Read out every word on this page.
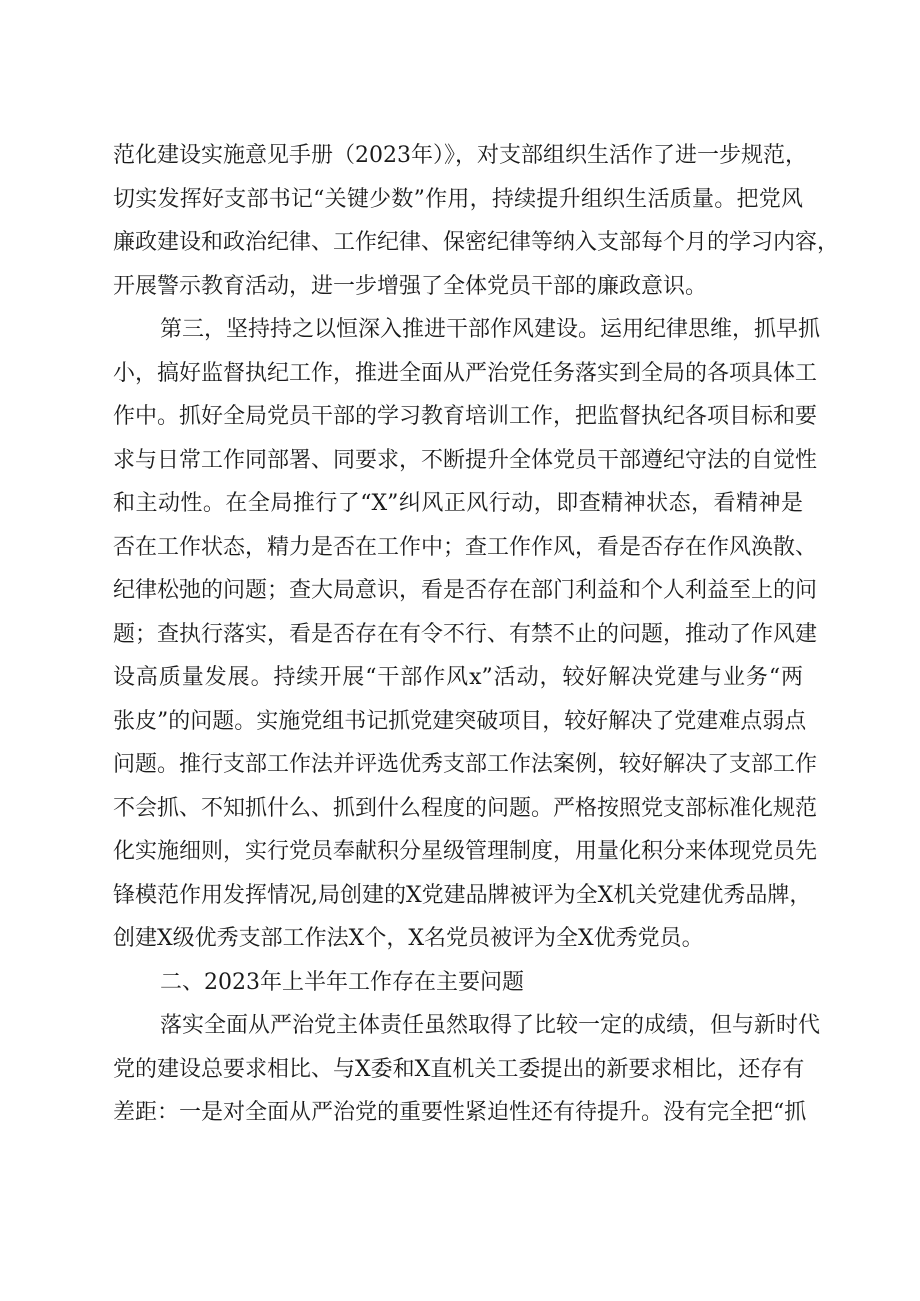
范化建设实施意见手册（2023年）》，对支部组织生活作了进一步规范，
切实发挥好支部书记“关键少数”作用，持续提升组织生活质量。把党风
廉政建设和政治纪律、工作纪律、保密纪律等纳入支部每个月的学习内容，
开展警示教育活动，进一步增强了全体党员干部的廉政意识。
第三，坚持持之以恒深入推进干部作风建设。运用纪律思维，抓早抓
小，搞好监督执纪工作，推进全面从严治党任务落实到全局的各项具体工
作中。抓好全局党员干部的学习教育培训工作，把监督执纪各项目标和要
求与日常工作同部署、同要求，不断提升全体党员干部遵纪守法的自觉性
和主动性。在全局推行了“X”纠风正风行动，即查精神状态，看精神是
否在工作状态，精力是否在工作中；查工作作风，看是否存在作风涣散、
纪律松弛的问题；查大局意识，看是否存在部门利益和个人利益至上的问
题；查执行落实，看是否存在有令不行、有禁不止的问题，推动了作风建
设高质量发展。持续开展“干部作风x”活动，较好解决党建与业务“两
张皮”的问题。实施党组书记抓党建突破项目，较好解决了党建难点弱点
问题。推行支部工作法并评选优秀支部工作法案例，较好解决了支部工作
不会抓、不知抓什么、抓到什么程度的问题。严格按照党支部标准化规范
化实施细则，实行党员奉献积分星级管理制度，用量化积分来体现党员先
锋模范作用发挥情况,局创建的X党建品牌被评为全X机关党建优秀品牌，
创建X级优秀支部工作法X个，X名党员被评为全X优秀党员。
二、2023年上半年工作存在主要问题
落实全面从严治党主体责任虽然取得了比较一定的成绩，但与新时代
党的建设总要求相比、与X委和X直机关工委提出的新要求相比，还存有
差距：一是对全面从严治党的重要性紧迫性还有待提升。没有完全把“抓
